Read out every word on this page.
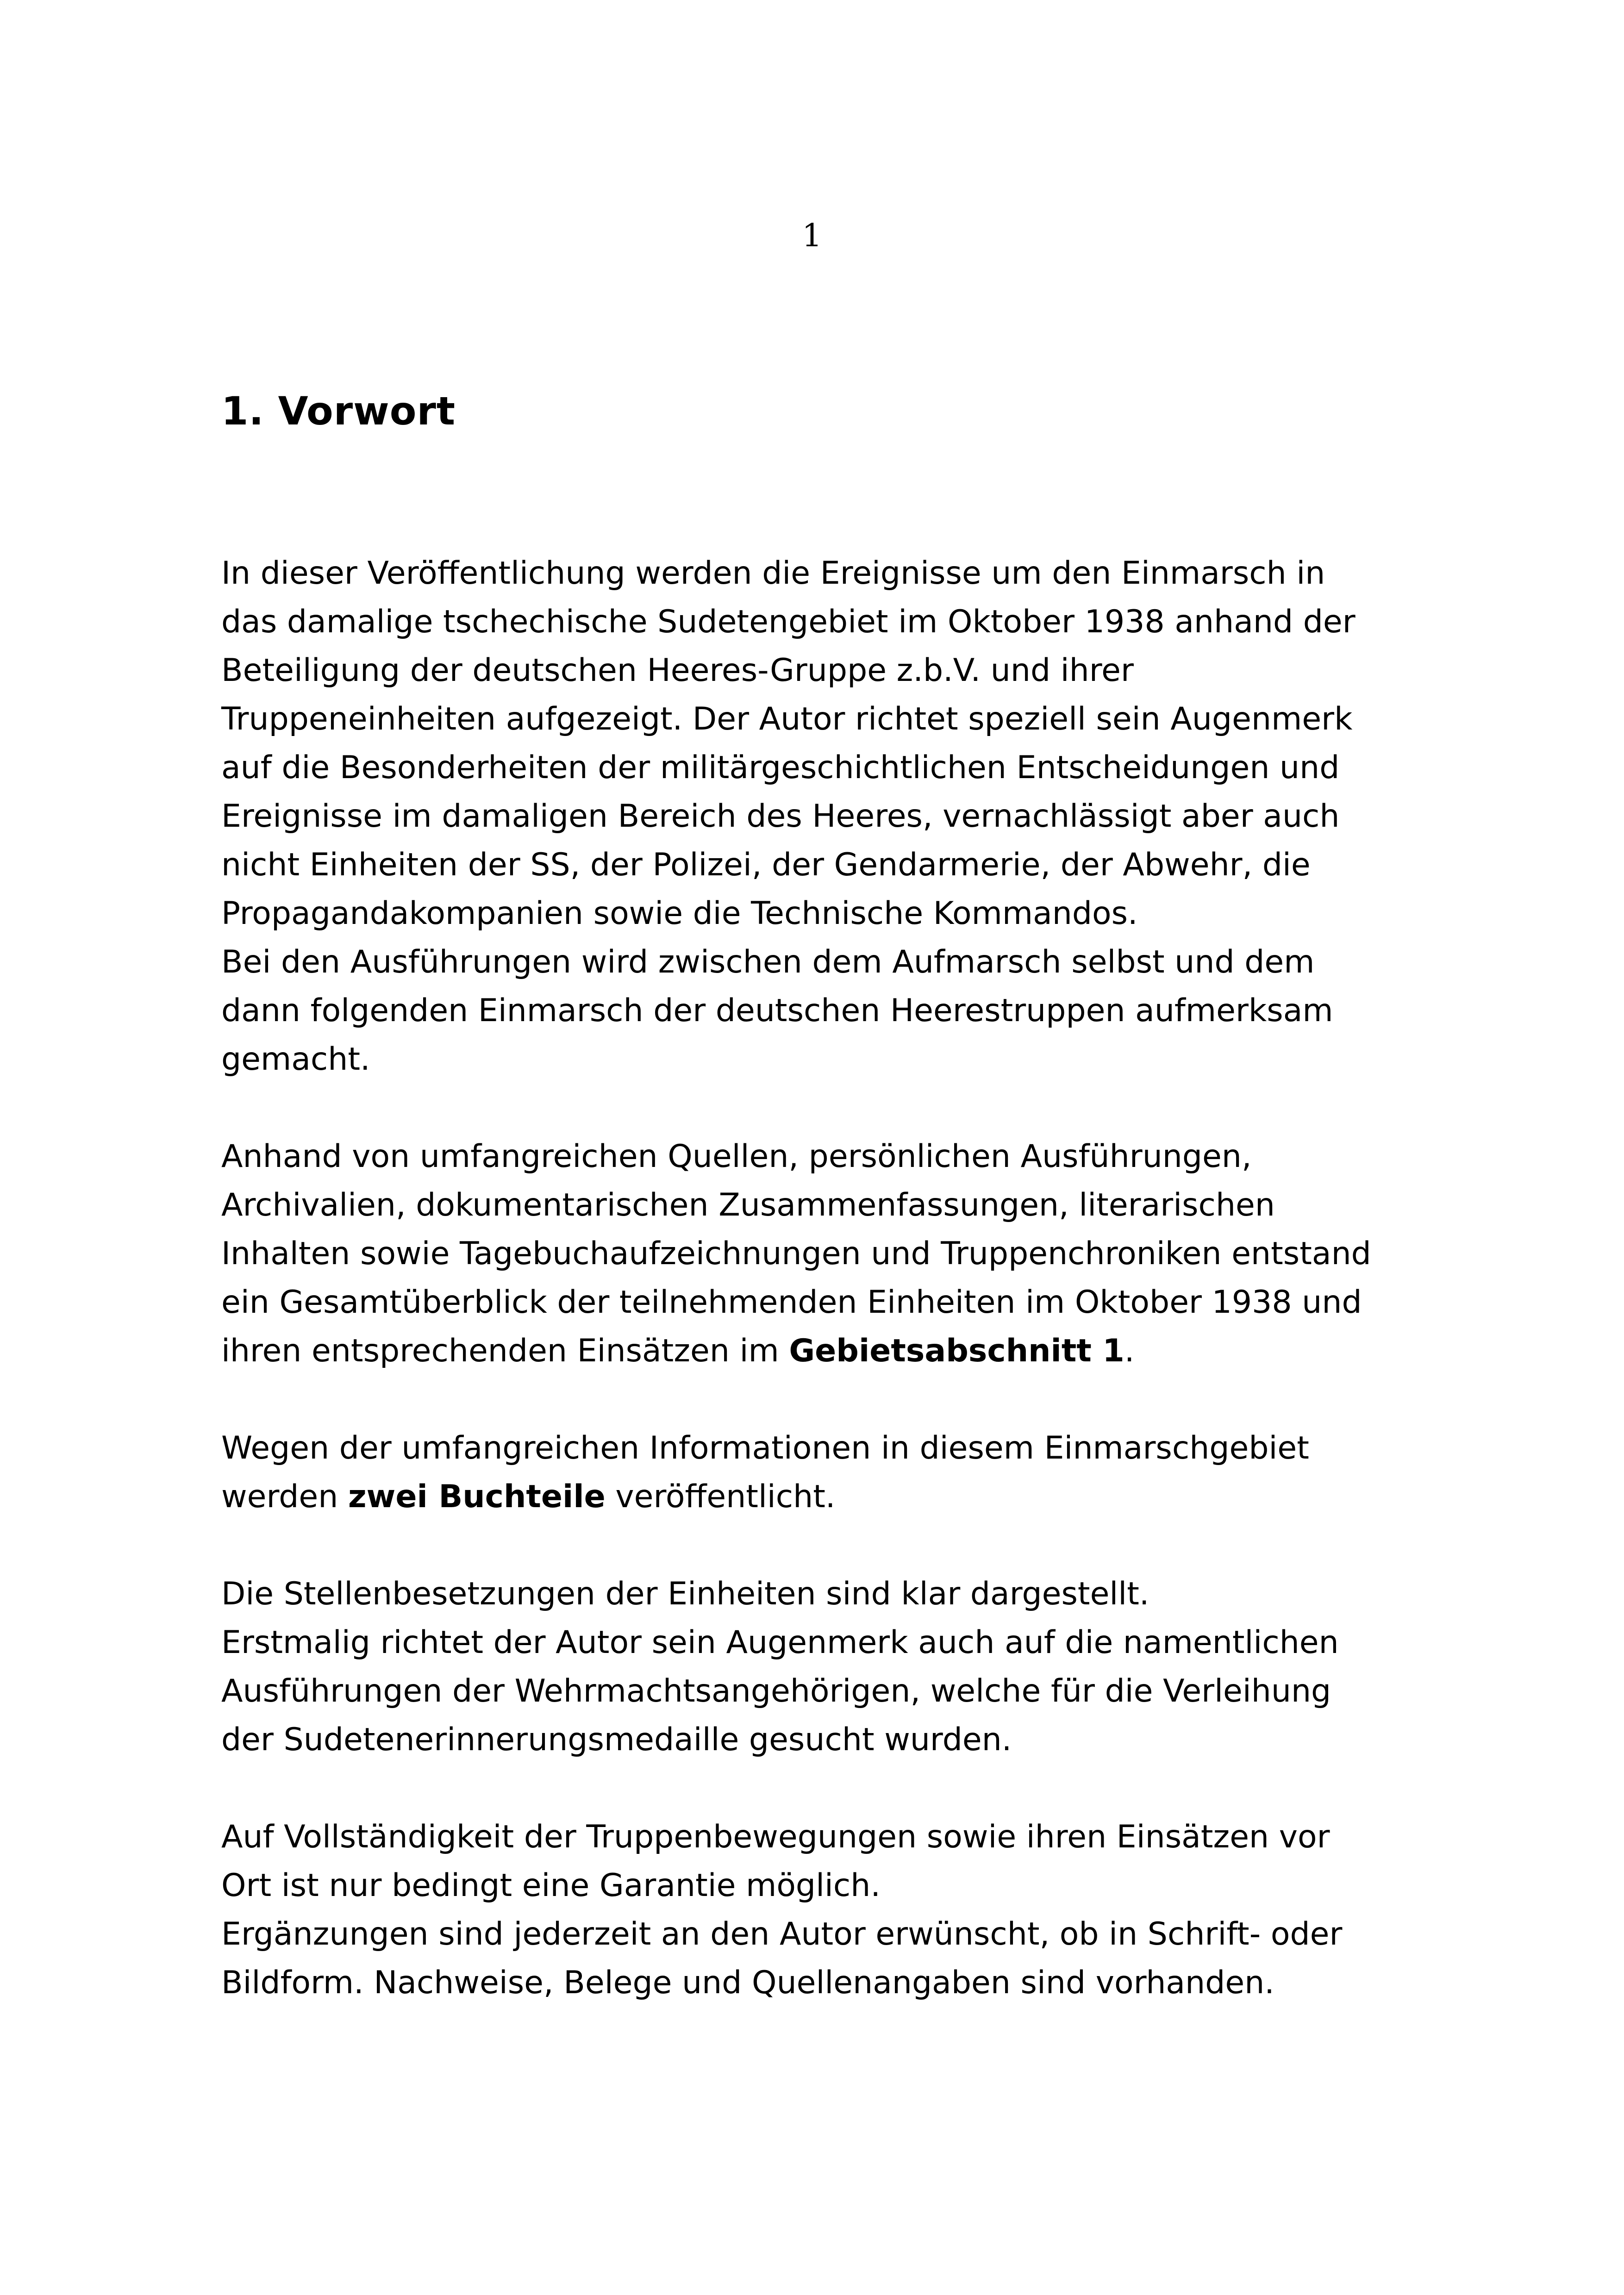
1
1. Vorwort

In dieser Veröffentlichung werden die Ereignisse um den Einmarsch in
das damalige tschechische Sudetengebiet im Oktober 1938 anhand der
Beteiligung der deutschen Heeres-Gruppe z.b.V. und ihrer
Truppeneinheiten aufgezeigt. Der Autor richtet speziell sein Augenmerk
auf die Besonderheiten der militärgeschichtlichen Entscheidungen und
Ereignisse im damaligen Bereich des Heeres, vernachlässigt aber auch
nicht Einheiten der SS, der Polizei, der Gendarmerie, der Abwehr, die
Propagandakompanien sowie die Technische Kommandos.
Bei den Ausführungen wird zwischen dem Aufmarsch selbst und dem
dann folgenden Einmarsch der deutschen Heerestruppen aufmerksam
gemacht.

Anhand von umfangreichen Quellen, persönlichen Ausführungen,
Archivalien, dokumentarischen Zusammenfassungen, literarischen
Inhalten sowie Tagebuchaufzeichnungen und Truppenchroniken entstand
ein Gesamtüberblick der teilnehmenden Einheiten im Oktober 1938 und
ihren entsprechenden Einsätzen im Gebietsabschnitt 1.

Wegen der umfangreichen Informationen in diesem Einmarschgebiet
werden zwei Buchteile veröffentlicht.

Die Stellenbesetzungen der Einheiten sind klar dargestellt.
Erstmalig richtet der Autor sein Augenmerk auch auf die namentlichen
Ausführungen der Wehrmachtsangehörigen, welche für die Verleihung
der Sudetenerinnerungsmedaille gesucht wurden.

Auf Vollständigkeit der Truppenbewegungen sowie ihren Einsätzen vor
Ort ist nur bedingt eine Garantie möglich.
Ergänzungen sind jederzeit an den Autor erwünscht, ob in Schrift- oder
Bildform. Nachweise, Belege und Quellenangaben sind vorhanden.
